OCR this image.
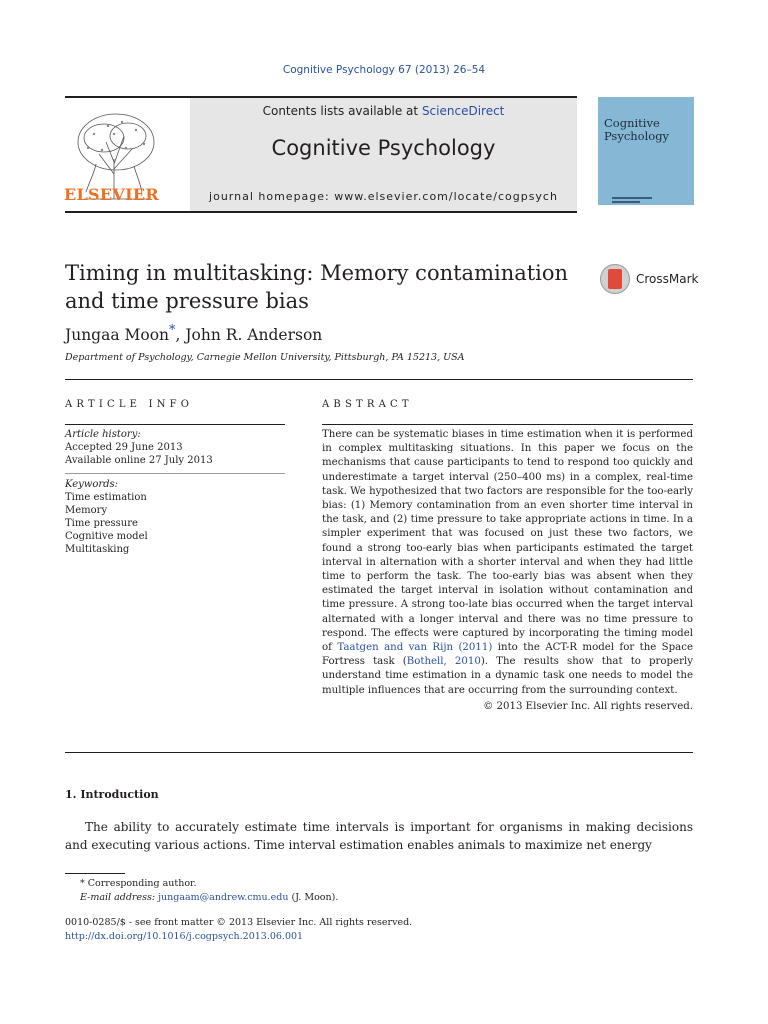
Cognitive Psychology 67 (2013) 26–54
ELSEVIER
Contents lists available at ScienceDirect
Cognitive Psychology
journal homepage: www.elsevier.com/locate/cogpsych
Cognitive
Psychology
Timing in multitasking: Memory contamination
and time pressure bias
CrossMark
Jungaa Moon*, John R. Anderson
Department of Psychology, Carnegie Mellon University, Pittsburgh, PA 15213, USA
ARTICLE INFO	ABSTRACT
Article history:
Accepted 29 June 2013
Available online 27 July 2013
Keywords:
Time estimation
Memory
Time pressure
Cognitive model
Multitasking
There can be systematic biases in time estimation when it is performed in complex multitasking situations. In this paper we focus on the mechanisms that cause participants to tend to respond too quickly and underestimate a target interval (250–400 ms) in a complex, real-time task. We hypothesized that two factors are responsible for the too-early bias: (1) Memory contamination from an even shorter time interval in the task, and (2) time pressure to take appropriate actions in time. In a simpler experiment that was focused on just these two factors, we found a strong too-early bias when participants estimated the target interval in alternation with a shorter interval and when they had little time to perform the task. The too-early bias was absent when they estimated the target interval in isolation without contamination and time pressure. A strong too-late bias occurred when the target interval alternated with a longer interval and there was no time pressure to respond. The effects were captured by incorporating the timing model of Taatgen and van Rijn (2011) into the ACT-R model for the Space Fortress task (Bothell, 2010). The results show that to properly understand time estimation in a dynamic task one needs to model the multiple influences that are occurring from the surrounding context.
© 2013 Elsevier Inc. All rights reserved.
1. Introduction
The ability to accurately estimate time intervals is important for organisms in making decisions and executing various actions. Time interval estimation enables animals to maximize net energy
* Corresponding author.
E-mail address: jungaam@andrew.cmu.edu (J. Moon).
0010-0285/$ - see front matter © 2013 Elsevier Inc. All rights reserved.
http://dx.doi.org/10.1016/j.cogpsych.2013.06.001
